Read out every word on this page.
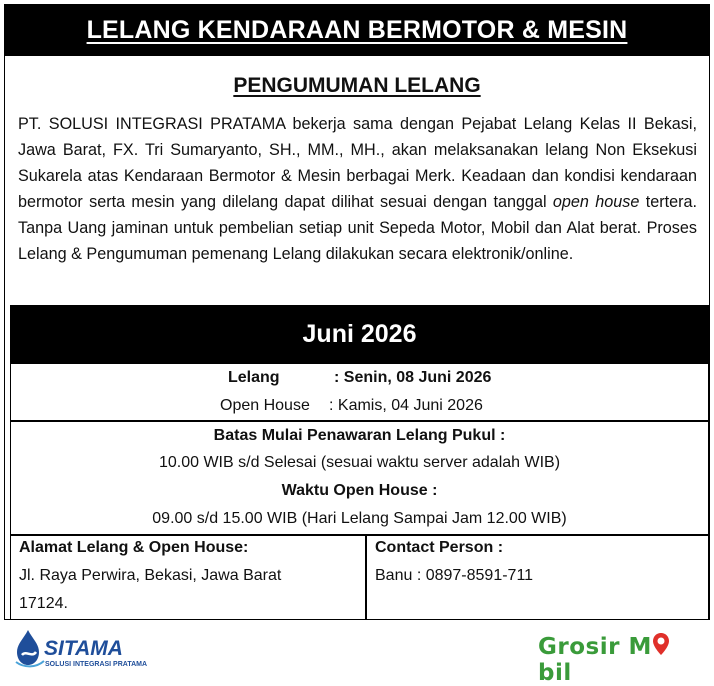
LELANG KENDARAAN BERMOTOR & MESIN
PENGUMUMAN LELANG
PT. SOLUSI INTEGRASI PRATAMA bekerja sama dengan Pejabat Lelang Kelas II Bekasi, Jawa Barat, FX. Tri Sumaryanto, SH., MM., MH., akan melaksanakan lelang Non Eksekusi Sukarela atas Kendaraan Bermotor & Mesin berbagai Merk. Keadaan dan kondisi kendaraan bermotor serta mesin yang dilelang dapat dilihat sesuai dengan tanggal open house tertera. Tanpa Uang jaminan untuk pembelian setiap unit Sepeda Motor, Mobil dan Alat berat. Proses Lelang & Pengumuman pemenang Lelang dilakukan secara elektronik/online.
Juni 2026
Lelang	: Senin, 08 Juni 2026
Open House : Kamis, 04 Juni 2026
Batas Mulai Penawaran Lelang Pukul :
10.00 WIB s/d Selesai (sesuai waktu server adalah WIB)
Waktu Open House :
09.00 s/d 15.00 WIB (Hari Lelang Sampai Jam 12.00 WIB)
Alamat Lelang & Open House:
Jl. Raya Perwira, Bekasi, Jawa Barat
17124.
Contact Person :
Banu : 0897-8591-711
SITAMA
SOLUSI INTEGRASI PRATAMA
Grosir Mbil
